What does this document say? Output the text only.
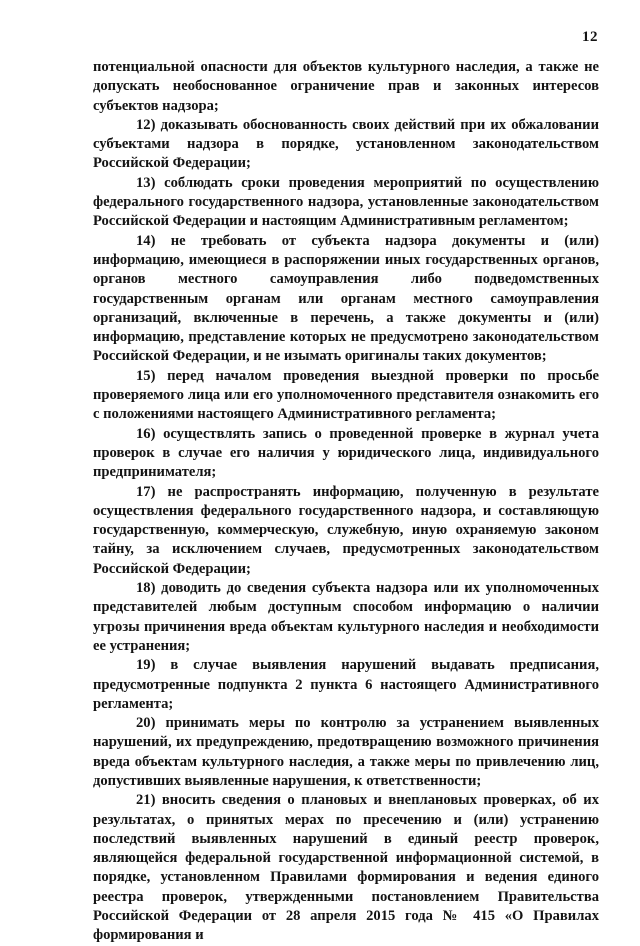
12

потенциальной опасности для объектов культурного наследия, а также не допускать необоснованное ограничение прав и законных интересов субъектов надзора;

12) доказывать обоснованность своих действий при их обжаловании субъектами надзора в порядке, установленном законодательством Российской Федерации;

13) соблюдать сроки проведения мероприятий по осуществлению федерального государственного надзора, установленные законодательством Российской Федерации и настоящим Административным регламентом;

14) не требовать от субъекта надзора документы и (или) информацию, имеющиеся в распоряжении иных государственных органов, органов местного самоуправления либо подведомственных государственным органам или органам местного самоуправления организаций, включенные в перечень, а также документы и (или) информацию, представление которых не предусмотрено законодательством Российской Федерации, и не изымать оригиналы таких документов;

15) перед началом проведения выездной проверки по просьбе проверяемого лица или его уполномоченного представителя ознакомить его с положениями настоящего Административного регламента;

16) осуществлять запись о проведенной проверке в журнал учета проверок в случае его наличия у юридического лица, индивидуального предпринимателя;

17) не распространять информацию, полученную в результате осуществления федерального государственного надзора, и составляющую государственную, коммерческую, служебную, иную охраняемую законом тайну, за исключением случаев, предусмотренных законодательством Российской Федерации;

18) доводить до сведения субъекта надзора или их уполномоченных представителей любым доступным способом информацию о наличии угрозы причинения вреда объектам культурного наследия и необходимости ее устранения;

19) в случае выявления нарушений выдавать предписания, предусмотренные подпункта 2 пункта 6 настоящего Административного регламента;

20) принимать меры по контролю за устранением выявленных нарушений, их предупреждению, предотвращению возможного причинения вреда объектам культурного наследия, а также меры по привлечению лиц, допустивших выявленные нарушения, к ответственности;

21) вносить сведения о плановых и внеплановых проверках, об их результатах, о принятых мерах по пресечению и (или) устранению последствий выявленных нарушений в единый реестр проверок, являющейся федеральной государственной информационной системой, в порядке, установленном Правилами формирования и ведения единого реестра проверок, утвержденными постановлением Правительства Российской Федерации от 28 апреля 2015 года № 415 «О Правилах формирования и
